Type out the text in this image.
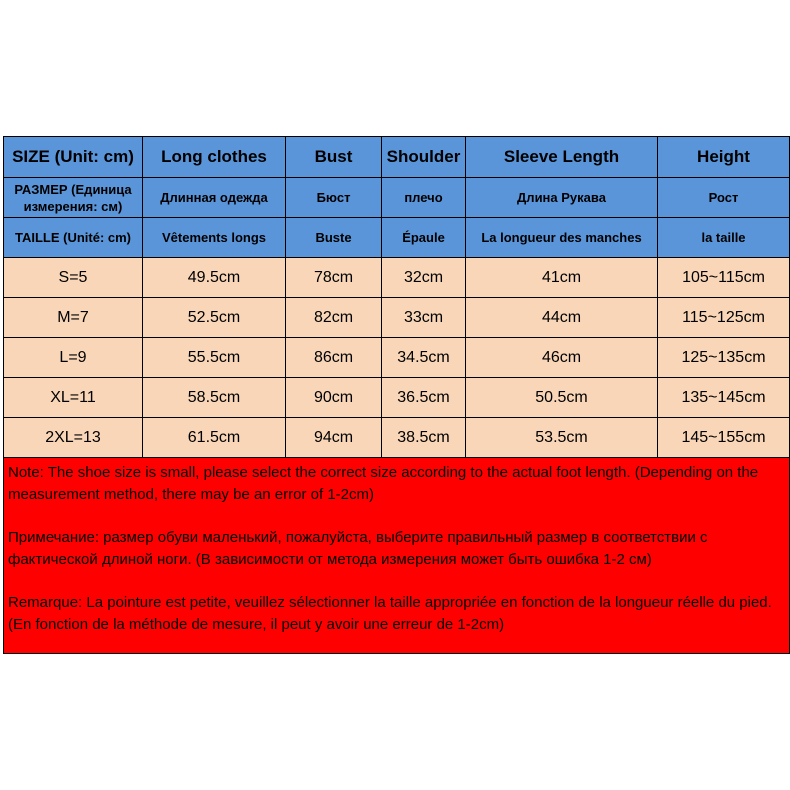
SIZE (Unit: cm)	Long clothes	Bust	Shoulder	Sleeve Length	Height
РАЗМЕР (Единица измерения: см)	Длинная одежда	Бюст	плечо	Длина Рукава	Рост
TAILLE (Unité: cm)	Vêtements longs	Buste	Épaule	La longueur des manches	la taille
S=5	49.5cm	78cm	32cm	41cm	105~115cm
M=7	52.5cm	82cm	33cm	44cm	115~125cm
L=9	55.5cm	86cm	34.5cm	46cm	125~135cm
XL=11	58.5cm	90cm	36.5cm	50.5cm	135~145cm
2XL=13	61.5cm	94cm	38.5cm	53.5cm	145~155cm

Note: The shoe size is small, please select the correct size according to the actual foot length. (Depending on the measurement method, there may be an error of 1-2cm)

Примечание: размер обуви маленький, пожалуйста, выберите правильный размер в соответствии с фактической длиной ноги. (В зависимости от метода измерения может быть ошибка 1-2 см)

Remarque: La pointure est petite, veuillez sélectionner la taille appropriée en fonction de la longueur réelle du pied. (En fonction de la méthode de mesure, il peut y avoir une erreur de 1-2cm)					
